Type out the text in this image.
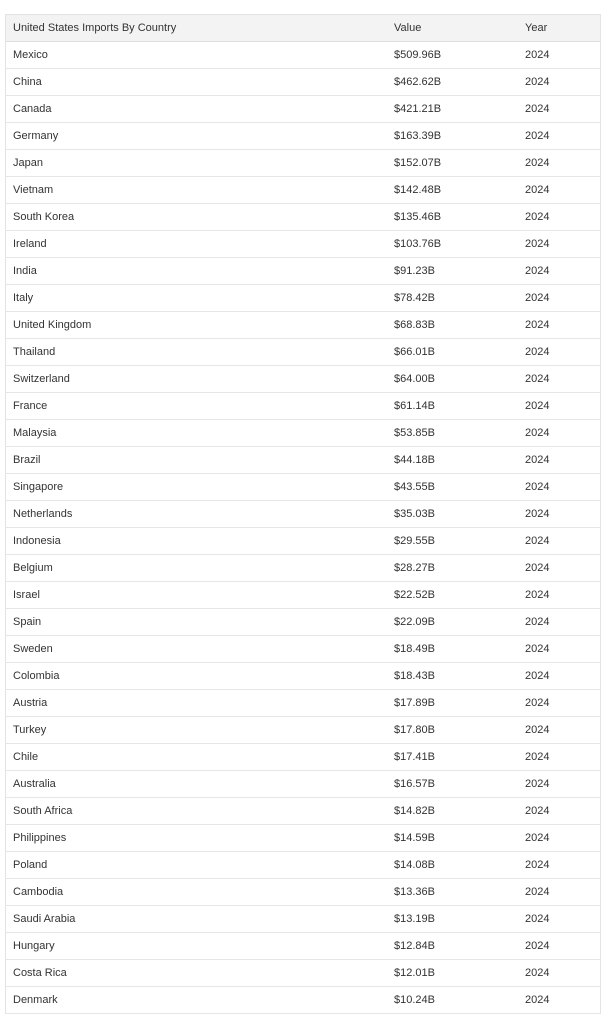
United States Imports By Country	Value	Year
Mexico	$509.96B	2024
China	$462.62B	2024
Canada	$421.21B	2024
Germany	$163.39B	2024
Japan	$152.07B	2024
Vietnam	$142.48B	2024
South Korea	$135.46B	2024
Ireland	$103.76B	2024
India	$91.23B	2024
Italy	$78.42B	2024
United Kingdom	$68.83B	2024
Thailand	$66.01B	2024
Switzerland	$64.00B	2024
France	$61.14B	2024
Malaysia	$53.85B	2024
Brazil	$44.18B	2024
Singapore	$43.55B	2024
Netherlands	$35.03B	2024
Indonesia	$29.55B	2024
Belgium	$28.27B	2024
Israel	$22.52B	2024
Spain	$22.09B	2024
Sweden	$18.49B	2024
Colombia	$18.43B	2024
Austria	$17.89B	2024
Turkey	$17.80B	2024
Chile	$17.41B	2024
Australia	$16.57B	2024
South Africa	$14.82B	2024
Philippines	$14.59B	2024
Poland	$14.08B	2024
Cambodia	$13.36B	2024
Saudi Arabia	$13.19B	2024
Hungary	$12.84B	2024
Costa Rica	$12.01B	2024
Denmark	$10.24B	2024
